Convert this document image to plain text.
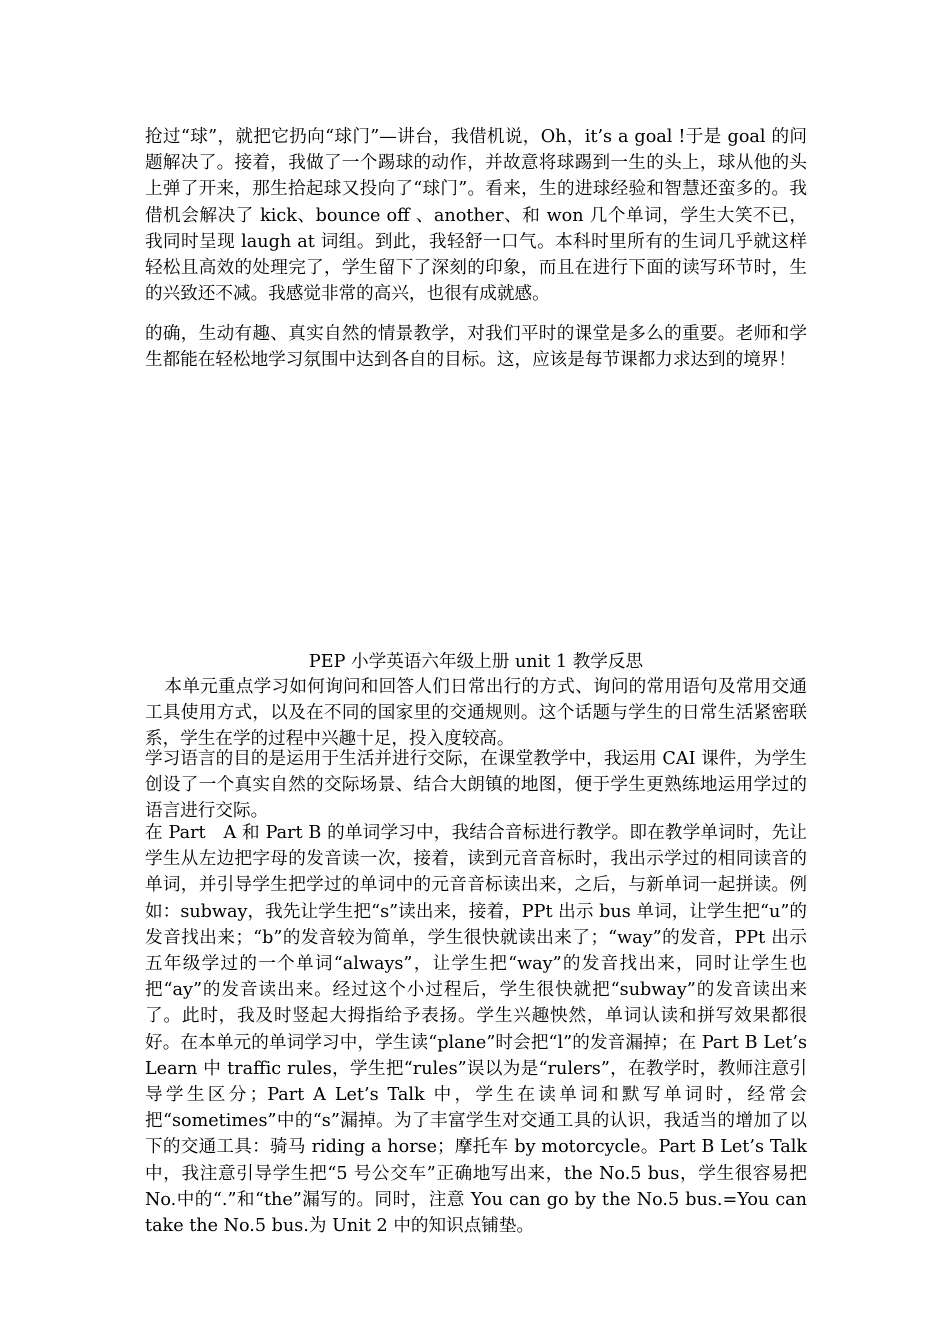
抢过“球”，就把它扔向“球门”—讲台，我借机说，Oh，it’s a goal !于是 goal 的问题解决了。接着，我做了一个踢球的动作，并故意将球踢到一生的头上，球从他的头上弹了开来，那生拾起球又投向了“球门”。看来，生的进球经验和智慧还蛮多的。我借机会解决了 kick、bounce off 、another、和 won 几个单词，学生大笑不已，我同时呈现 laugh at 词组。到此，我轻舒一口气。本科时里所有的生词几乎就这样轻松且高效的处理完了，学生留下了深刻的印象，而且在进行下面的读写环节时，生的兴致还不减。我感觉非常的高兴，也很有成就感。

的确，生动有趣、真实自然的情景教学，对我们平时的课堂是多么的重要。老师和学生都能在轻松地学习氛围中达到各自的目标。这，应该是每节课都力求达到的境界！

PEP 小学英语六年级上册 unit 1 教学反思

本单元重点学习如何询问和回答人们日常出行的方式、询问的常用语句及常用交通工具使用方式，以及在不同的国家里的交通规则。这个话题与学生的日常生活紧密联系，学生在学的过程中兴趣十足，投入度较高。

学习语言的目的是运用于生活并进行交际，在课堂教学中，我运用 CAI 课件，为学生创设了一个真实自然的交际场景、结合大朗镇的地图，便于学生更熟练地运用学过的语言进行交际。

在 Part　A 和 Part B 的单词学习中，我结合音标进行教学。即在教学单词时，先让学生从左边把字母的发音读一次，接着，读到元音音标时，我出示学过的相同读音的单词，并引导学生把学过的单词中的元音音标读出来，之后，与新单词一起拼读。例如：subway，我先让学生把“s”读出来，接着，PPt 出示 bus 单词，让学生把“u”的发音找出来；“b”的发音较为简单，学生很快就读出来了；“way”的发音，PPt 出示五年级学过的一个单词“always”，让学生把“way”的发音找出来，同时让学生也把“ay”的发音读出来。经过这个小过程后，学生很快就把“subway”的发音读出来了。此时，我及时竖起大拇指给予表扬。学生兴趣怏然，单词认读和拼写效果都很好。在本单元的单词学习中，学生读“plane”时会把“l”的发音漏掉；在 Part B Let’s Learn 中 traffic rules，学生把“rules”误以为是“rulers”，在教学时，教师注意引导学生区分；Part A Let’s Talk 中，学生在读单词和默写单词时，经常会把“sometimes”中的“s”漏掉。为了丰富学生对交通工具的认识，我适当的增加了以下的交通工具：骑马 riding a horse；摩托车 by motorcycle。Part B Let’s Talk 中，我注意引导学生把“5 号公交车”正确地写出来，the No.5 bus，学生很容易把 No.中的“.”和“the”漏写的。同时，注意 You can go by the No.5 bus.=You can take the No.5 bus.为 Unit 2 中的知识点铺垫。
